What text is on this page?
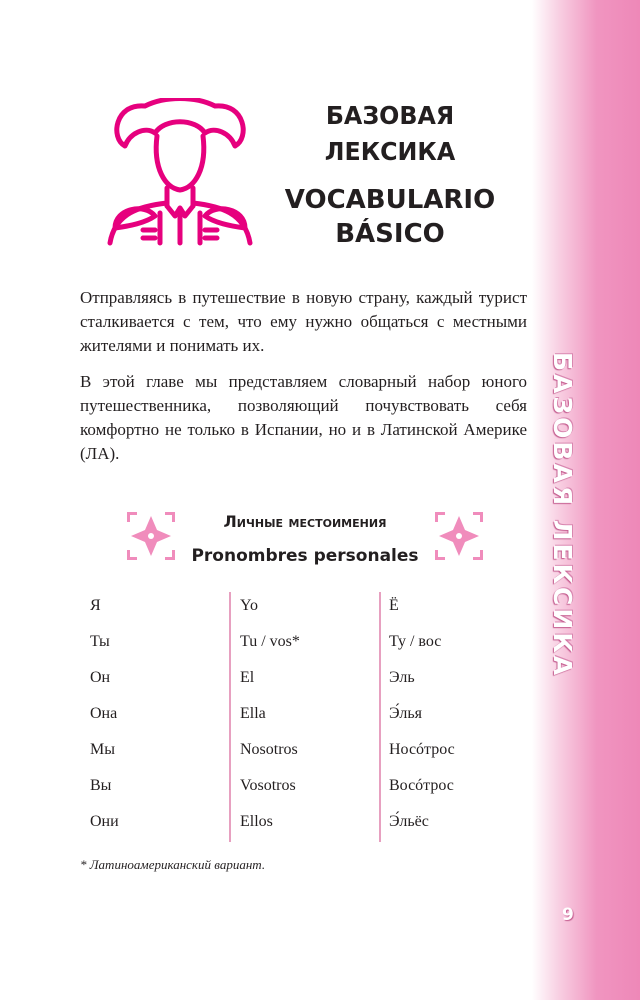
БАЗОВАЯ ЛЕКСИКА
9
БАЗОВАЯ ЛЕКСИКА
VOCABULARIO BÁSICO
Отправляясь в путешествие в новую страну, каждый турист сталкивается с тем, что ему нужно общаться с местными жителями и понимать их.
В этой главе мы представляем словарный набор юного путешественника, позволяющий почувствовать себя комфортно не только в Испании, но и в Латинской Америке (ЛА).
Личные местоимения
Pronombres personales
Я	Yo	Ё
Ты	Tu / vos*	Ту / вос
Он	El	Эль
Она	Ella	Э́лья
Мы	Nosotros	Носóтрос
Вы	Vosotros	Восóтрос
Они	Ellos	Э́льёс
* Латиноамериканский вариант.
